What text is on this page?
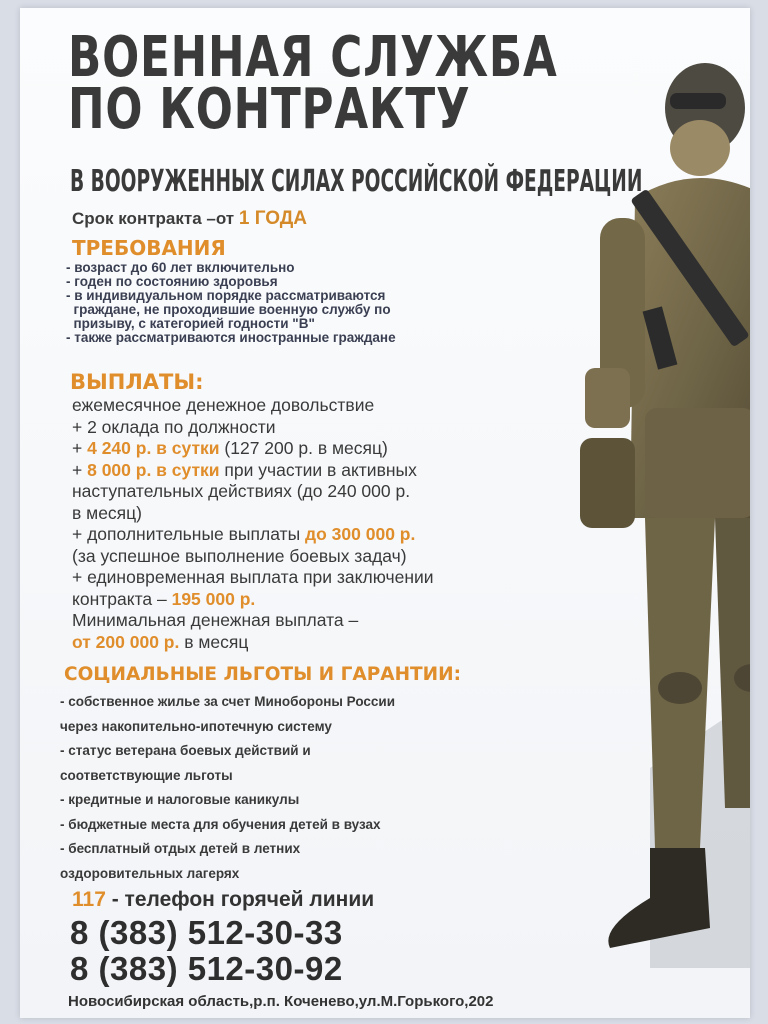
ВОЕННАЯ СЛУЖБА
ПО КОНТРАКТУ
В ВООРУЖЕННЫХ СИЛАХ РОССИЙСКОЙ ФЕДЕРАЦИИ
Срок контракта –от 1 ГОДА
ТРЕБОВАНИЯ
- возраст до 60 лет включительно
- годен по состоянию здоровья
- в индивидуальном порядке рассматриваются
граждане, не проходившие военную службу по
призыву, с категорией годности "В"
- также рассматриваются иностранные граждане
ВЫПЛАТЫ:
ежемесячное денежное довольствие
+ 2 оклада по должности
+ 4 240 р. в сутки (127 200 р. в месяц)
+ 8 000 р. в сутки при участии в активных
наступательных действиях (до 240 000 р.
в месяц)
+ дополнительные выплаты до 300 000 р.
(за успешное выполнение боевых задач)
+ единовременная выплата при заключении
контракта – 195 000 р.
Минимальная денежная выплата –
от 200 000 р. в месяц
СОЦИАЛЬНЫЕ ЛЬГОТЫ И ГАРАНТИИ:
- собственное жилье за счет Минобороны России
через накопительно-ипотечную систему
- статус ветерана боевых действий и
соответствующие льготы
- кредитные и налоговые каникулы
- бюджетные места для обучения детей в вузах
- бесплатный отдых детей в летних
оздоровительных лагерях
117 - телефон горячей линии
8 (383) 512-30-33
8 (383) 512-30-92
Новосибирская область,р.п. Коченево,ул.М.Горького,202
